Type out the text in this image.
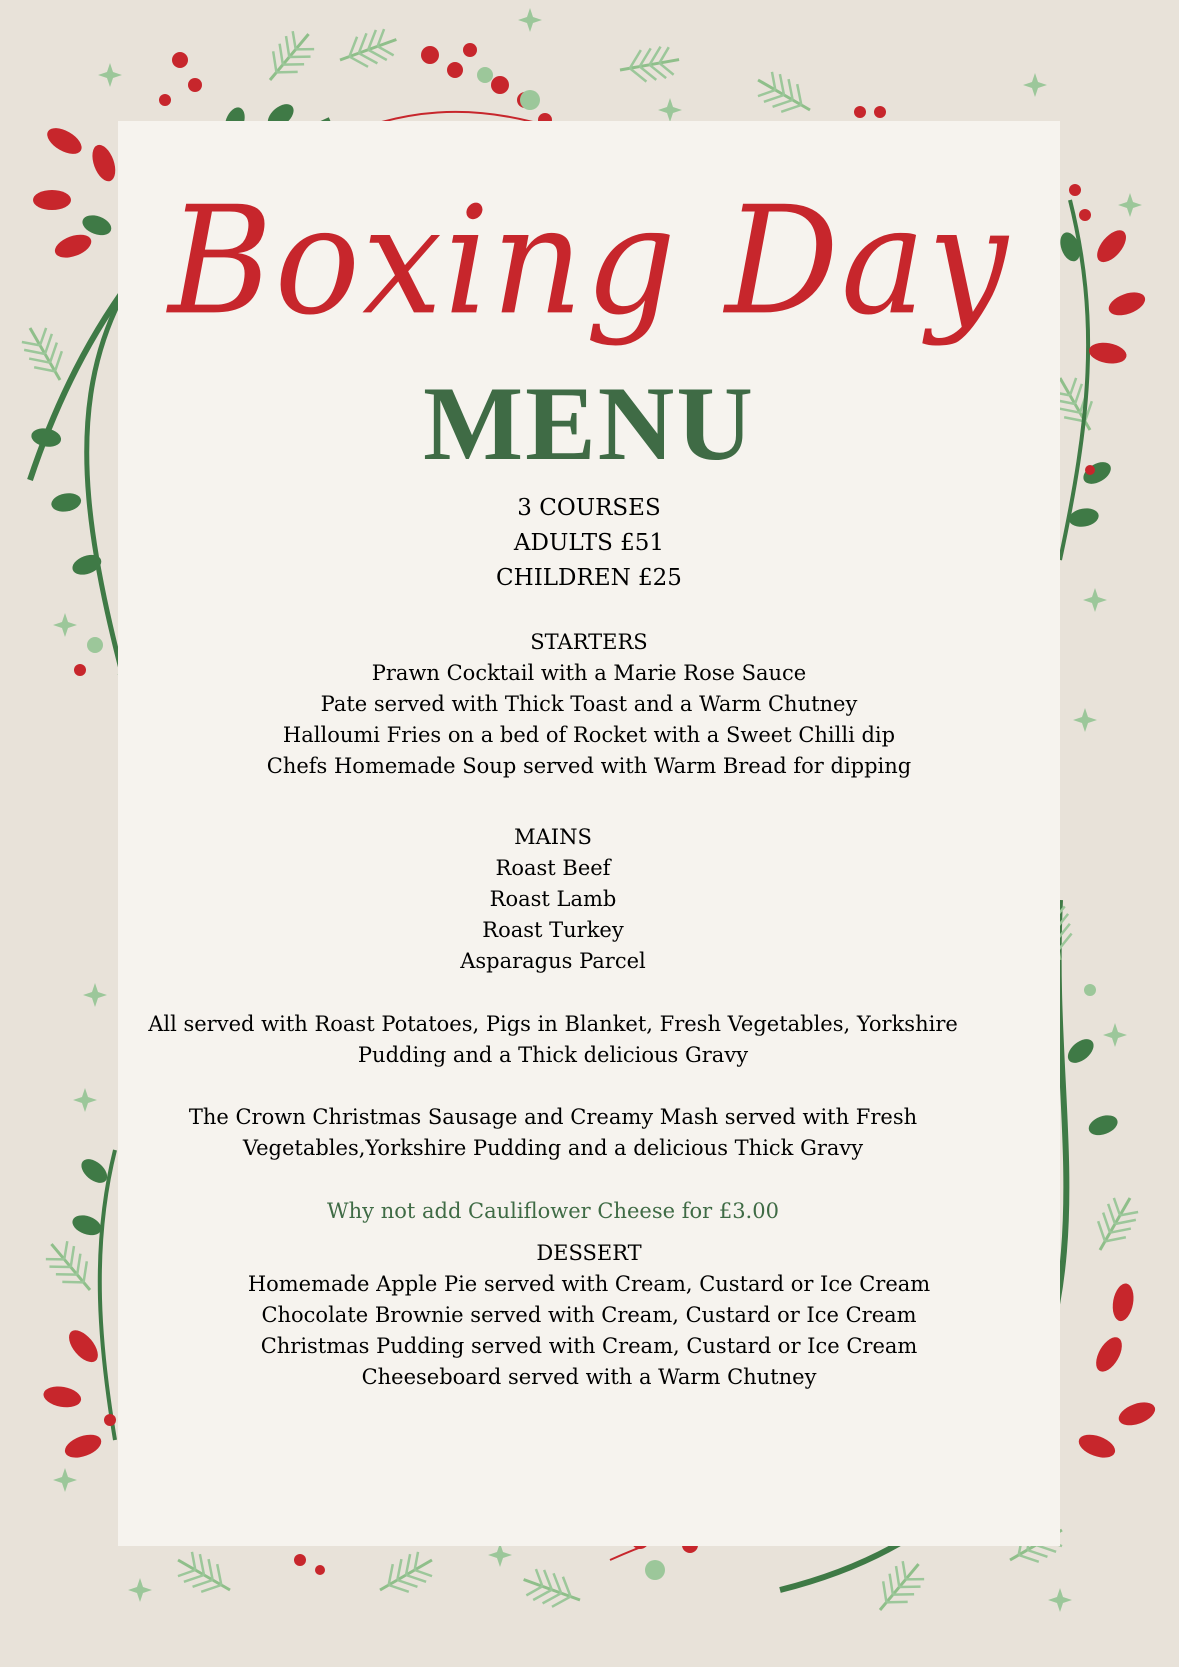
Boxing Day
MENU
3 COURSES
ADULTS £51
CHILDREN £25
STARTERS
Prawn Cocktail with a Marie Rose Sauce
Pate served with Thick Toast and a Warm Chutney
Halloumi Fries on a bed of Rocket with a Sweet Chilli dip
Chefs Homemade Soup served with Warm Bread for dipping
MAINS
Roast Beef
Roast Lamb
Roast Turkey
Asparagus Parcel
All served with Roast Potatoes, Pigs in Blanket, Fresh Vegetables, Yorkshire
Pudding and a Thick delicious Gravy
The Crown Christmas Sausage and Creamy Mash served with Fresh
Vegetables,Yorkshire Pudding and a delicious Thick Gravy

Why not add Cauliflower Cheese for £3.00

DESSERT
Homemade Apple Pie served with Cream, Custard or Ice Cream
Chocolate Brownie served with Cream, Custard or Ice Cream
Christmas Pudding served with Cream, Custard or Ice Cream
Cheeseboard served with a Warm Chutney
